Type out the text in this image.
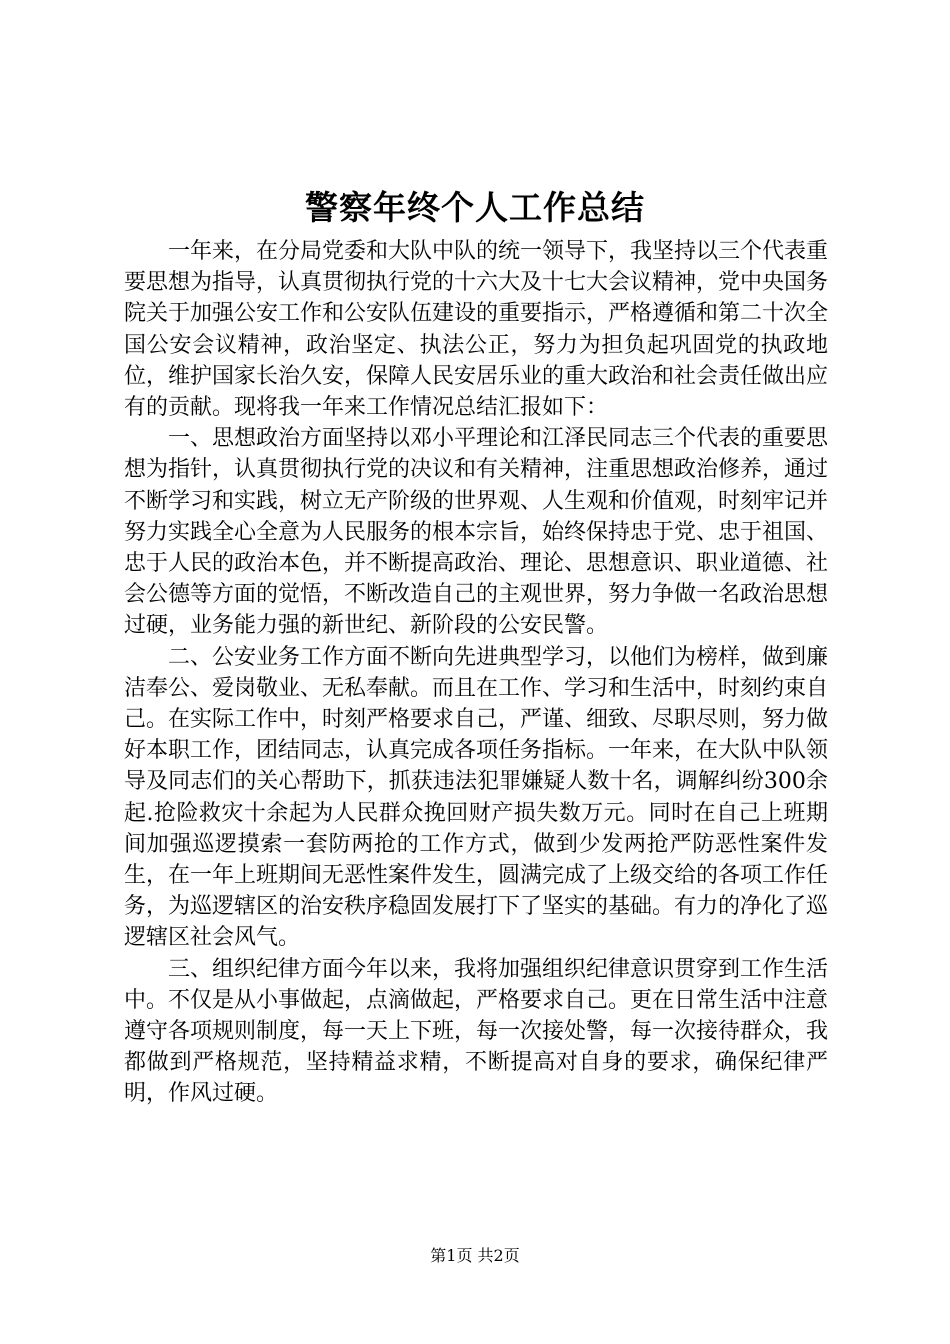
警察年终个人工作总结

一年来，在分局党委和大队中队的统一领导下，我坚持以三个代表重要思想为指导，认真贯彻执行党的十六大及十七大会议精神，党中央国务院关于加强公安工作和公安队伍建设的重要指示，严格遵循和第二十次全国公安会议精神，政治坚定、执法公正，努力为担负起巩固党的执政地位，维护国家长治久安，保障人民安居乐业的重大政治和社会责任做出应有的贡献。现将我一年来工作情况总结汇报如下：

一、思想政治方面坚持以邓小平理论和江泽民同志三个代表的重要思想为指针，认真贯彻执行党的决议和有关精神，注重思想政治修养，通过不断学习和实践，树立无产阶级的世界观、人生观和价值观，时刻牢记并努力实践全心全意为人民服务的根本宗旨，始终保持忠于党、忠于祖国、忠于人民的政治本色，并不断提高政治、理论、思想意识、职业道德、社会公德等方面的觉悟，不断改造自己的主观世界，努力争做一名政治思想过硬，业务能力强的新世纪、新阶段的公安民警。

二、公安业务工作方面不断向先进典型学习，以他们为榜样，做到廉洁奉公、爱岗敬业、无私奉献。而且在工作、学习和生活中，时刻约束自己。在实际工作中，时刻严格要求自己，严谨、细致、尽职尽则，努力做好本职工作，团结同志，认真完成各项任务指标。一年来，在大队中队领导及同志们的关心帮助下，抓获违法犯罪嫌疑人数十名，调解纠纷300余起.抢险救灾十余起为人民群众挽回财产损失数万元。同时在自己上班期间加强巡逻摸索一套防两抢的工作方式，做到少发两抢严防恶性案件发生，在一年上班期间无恶性案件发生，圆满完成了上级交给的各项工作任务，为巡逻辖区的治安秩序稳固发展打下了坚实的基础。有力的净化了巡逻辖区社会风气。

三、组织纪律方面今年以来，我将加强组织纪律意识贯穿到工作生活中。不仅是从小事做起，点滴做起，严格要求自己。更在日常生活中注意遵守各项规则制度，每一天上下班，每一次接处警，每一次接待群众，我都做到严格规范，坚持精益求精，不断提高对自身的要求，确保纪律严明，作风过硬。

第1页 共2页
